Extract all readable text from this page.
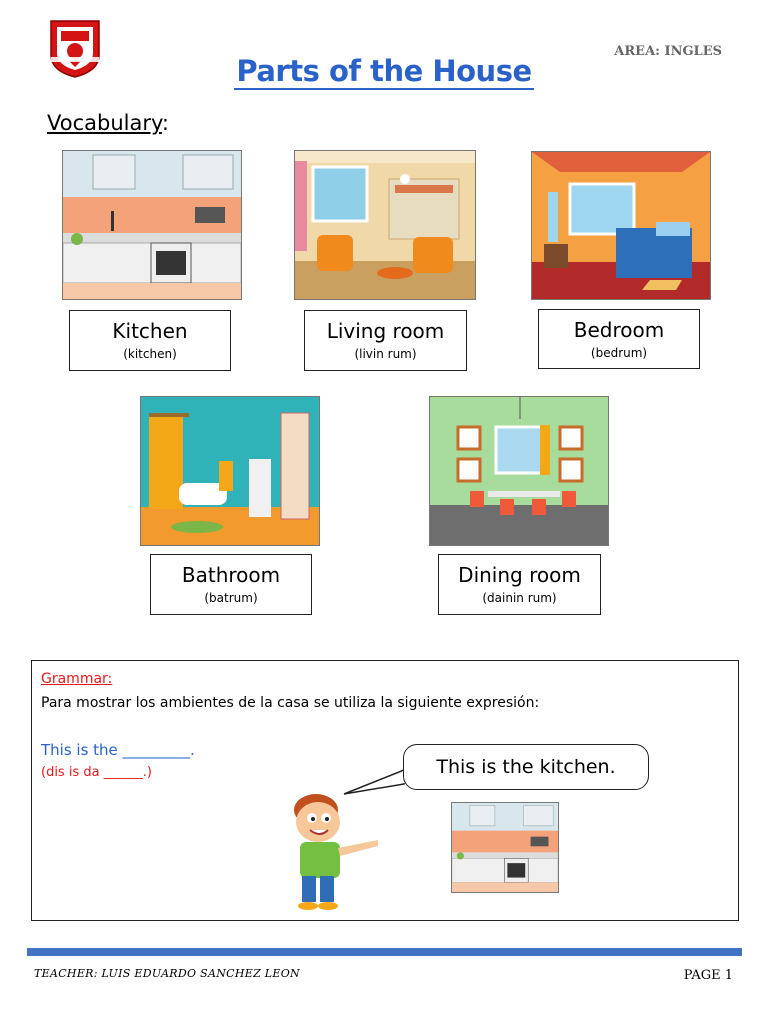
AREA: INGLES
Parts of the House
Vocabulary:
Kitchen
(kitchen)
Living room
(livin rum)
Bedroom
(bedrum)
Bathroom
(batrum)
Dining room
(dainin rum)
Grammar:
Para mostrar los ambientes de la casa se utiliza la siguiente expresión:
This is the _________.
(dis is da ______.)	This is the kitchen.
TEACHER: LUIS EDUARDO SANCHEZ LEON	PAGE 1
